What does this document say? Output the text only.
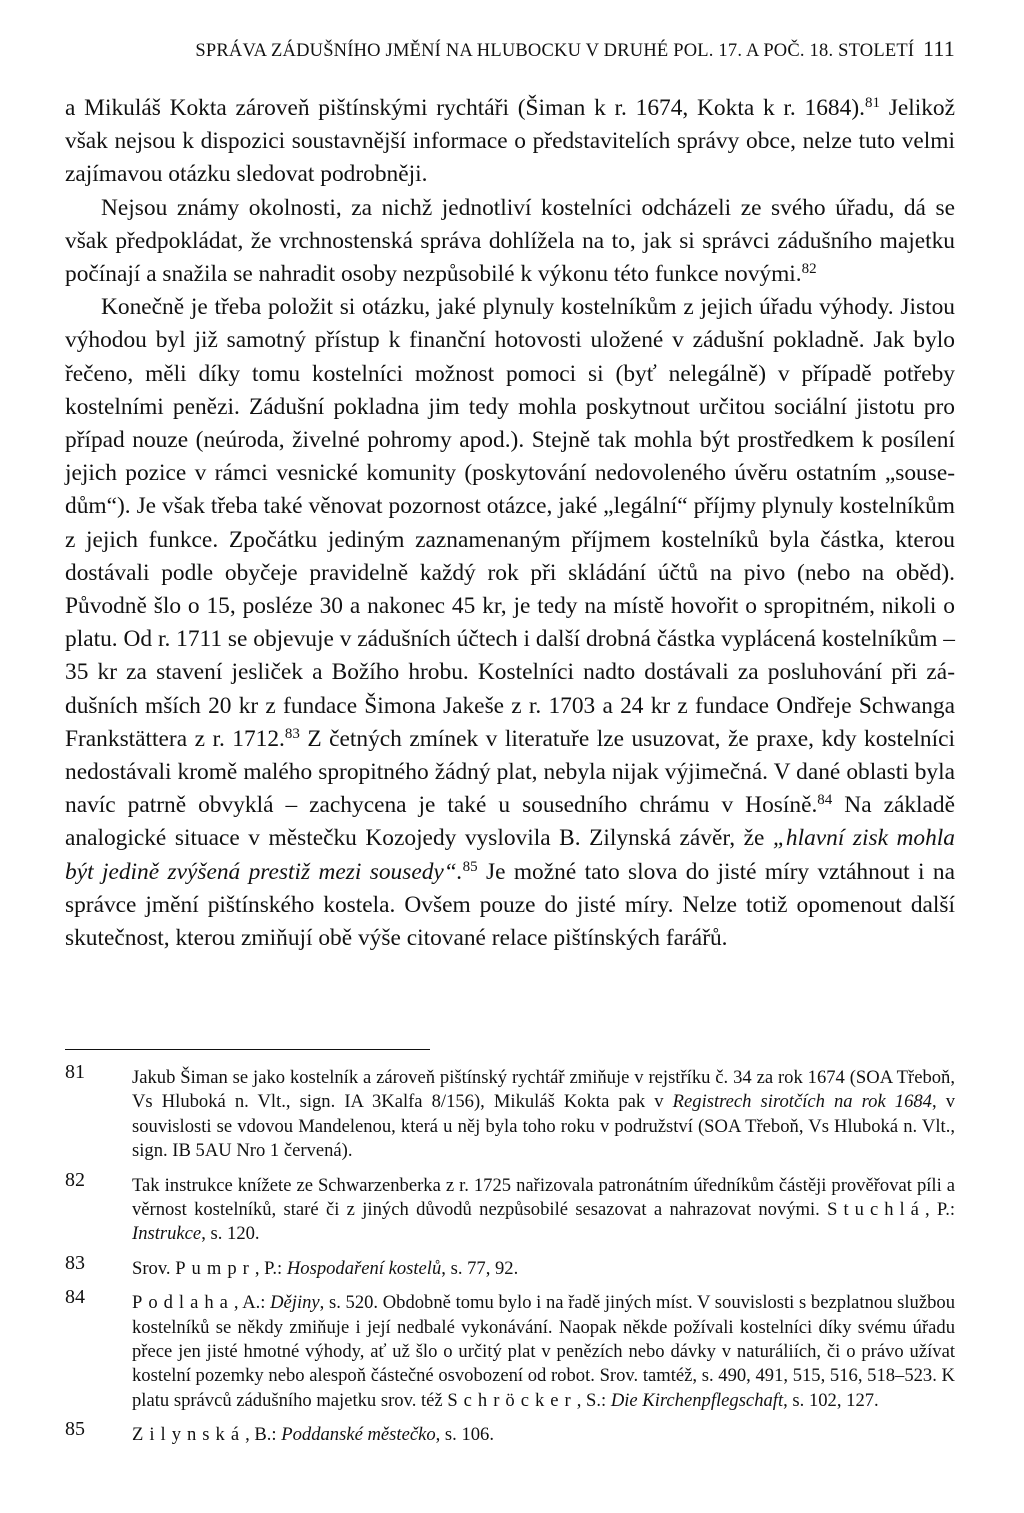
SPRÁVA ZÁDUŠNÍHO JMĚNÍ NA HLUBOCKU V DRUHÉ POL. 17. A POČ. 18. STOLETÍ 111

a Mikuláš Kokta zároveň pištínskými rychtáři (Šiman k r. 1674, Kokta k r. 1684).$^{81}$ Jelikož však nejsou k dispozici soustavnější informace o představitelích správy obce, nelze tuto velmi zajímavou otázku sledovat podrobněji.

Nejsou známy okolnosti, za nichž jednotliví kostelníci odcházeli ze svého úřadu, dá se však předpokládat, že vrchnostenská správa dohlížela na to, jak si správci zádušního majetku počínají a snažila se nahradit osoby nezpůsobilé k výkonu této funkce novými.$^{82}$

Konečně je třeba položit si otázku, jaké plynuly kostelníkům z jejich úřadu výhody. Jistou výhodou byl již samotný přístup k finanční hotovosti uložené v zádušní pokladně. Jak bylo řečeno, měli díky tomu kostelníci možnost pomoci si (byť nelegálně) v případě potřeby kostelními penězi. Zádušní pokladna jim tedy mohla poskytnout určitou sociální jistotu pro případ nouze (neúroda, živelné pohromy apod.). Stejně tak mohla být prostředkem k posílení jejich pozice v rámci vesnické komunity (poskytování nedovoleného úvěru ostatním „sousedům“). Je však třeba také věnovat pozornost otázce, jaké „legální“ příjmy plynuly kostelníkům z jejich funkce. Zpočátku jediným zaznamenaným příjmem kostelníků byla částka, kterou dostávali podle obyčeje pravidelně každý rok při skládání účtů na pivo (nebo na oběd). Původně šlo o 15, posléze 30 a nakonec 45 kr, je tedy na místě hovořit o spropitném, nikoli o platu. Od r. 1711 se objevuje v zádušních účtech i další drobná částka vyplácená kostelníkům – 35 kr za stavení jesliček a Božího hrobu. Kostelníci nadto dostávali za posluhování při zádušních mších 20 kr z fundace Šimona Jakeše z r. 1703 a 24 kr z fundace Ondřeje Schwanga Frankstättera z r. 1712.83 Z četných zmínek v literatuře lze usuzovat, že praxe, kdy kostelníci nedostávali kromě malého spropitného žádný plat, nebyla nijak výjimečná. V dané oblasti byla navíc patrně obvyklá – zachycena je také u sousedního chrámu v Hosíně.$^{84}$ Na základě analogické situace v městečku Kozojedy vyslovila B. Zilynská závěr, že „hlavní zisk mohla být jedině zvýšená prestiž mezi sousedy“.$^{85}$ Je možné tato slova do jisté míry vztáhnout i na správce jmění pištínského kostela. Ovšem pouze do jisté míry. Nelze totiž opomenout další skutečnost, kterou zmiňují obě výše citované relace pištínských farářů.

81	Jakub Šiman se jako kostelník a zároveň pištínský rychtář zmiňuje v rejstříku č. 34 za rok 1674 (SOA Třeboň, Vs Hluboká n. Vlt., sign. IA 3Kalfa 8/156), Mikuláš Kokta pak v Registrech sirotčích na rok 1684, v souvislosti se vdovou Mandelenou, která u něj byla toho roku v podružství (SOA Třeboň, Vs Hluboká n. Vlt., sign. IB 5AU Nro 1 červená).
82	Tak instrukce knížete ze Schwarzenberka z r. 1725 nařizovala patronátním úředníkům částěji prověřovat píli a věrnost kostelníků, staré či z jiných důvodů nezpůsobilé sesazovat a nahrazovat novými. Stuchlá, P.: Instrukce, s. 120.
83	Srov. Pumpr, P.: Hospodaření kostelů, s. 77, 92.
84	Podlaha, A.: Dějiny, s. 520. Obdobně tomu bylo i na řadě jiných míst. V souvislosti s bezplatnou službou kostelníků se někdy zmiňuje i její nedbalé vykonávání. Naopak někde požívali kostelníci díky svému úřadu přece jen jisté hmotné výhody, ať už šlo o určitý plat v penězích nebo dávky v naturáliích, či o právo užívat kostelní pozemky nebo alespoň částečné osvobození od robot. Srov. tamtéž, s. 490, 491, 515, 516, 518–523. K platu správců zádušního majetku srov. též Schröcker, S.: Die Kirchenpflegschaft, s. 102, 127.
85	Zilynská, B.: Poddanské městečko, s. 106.
